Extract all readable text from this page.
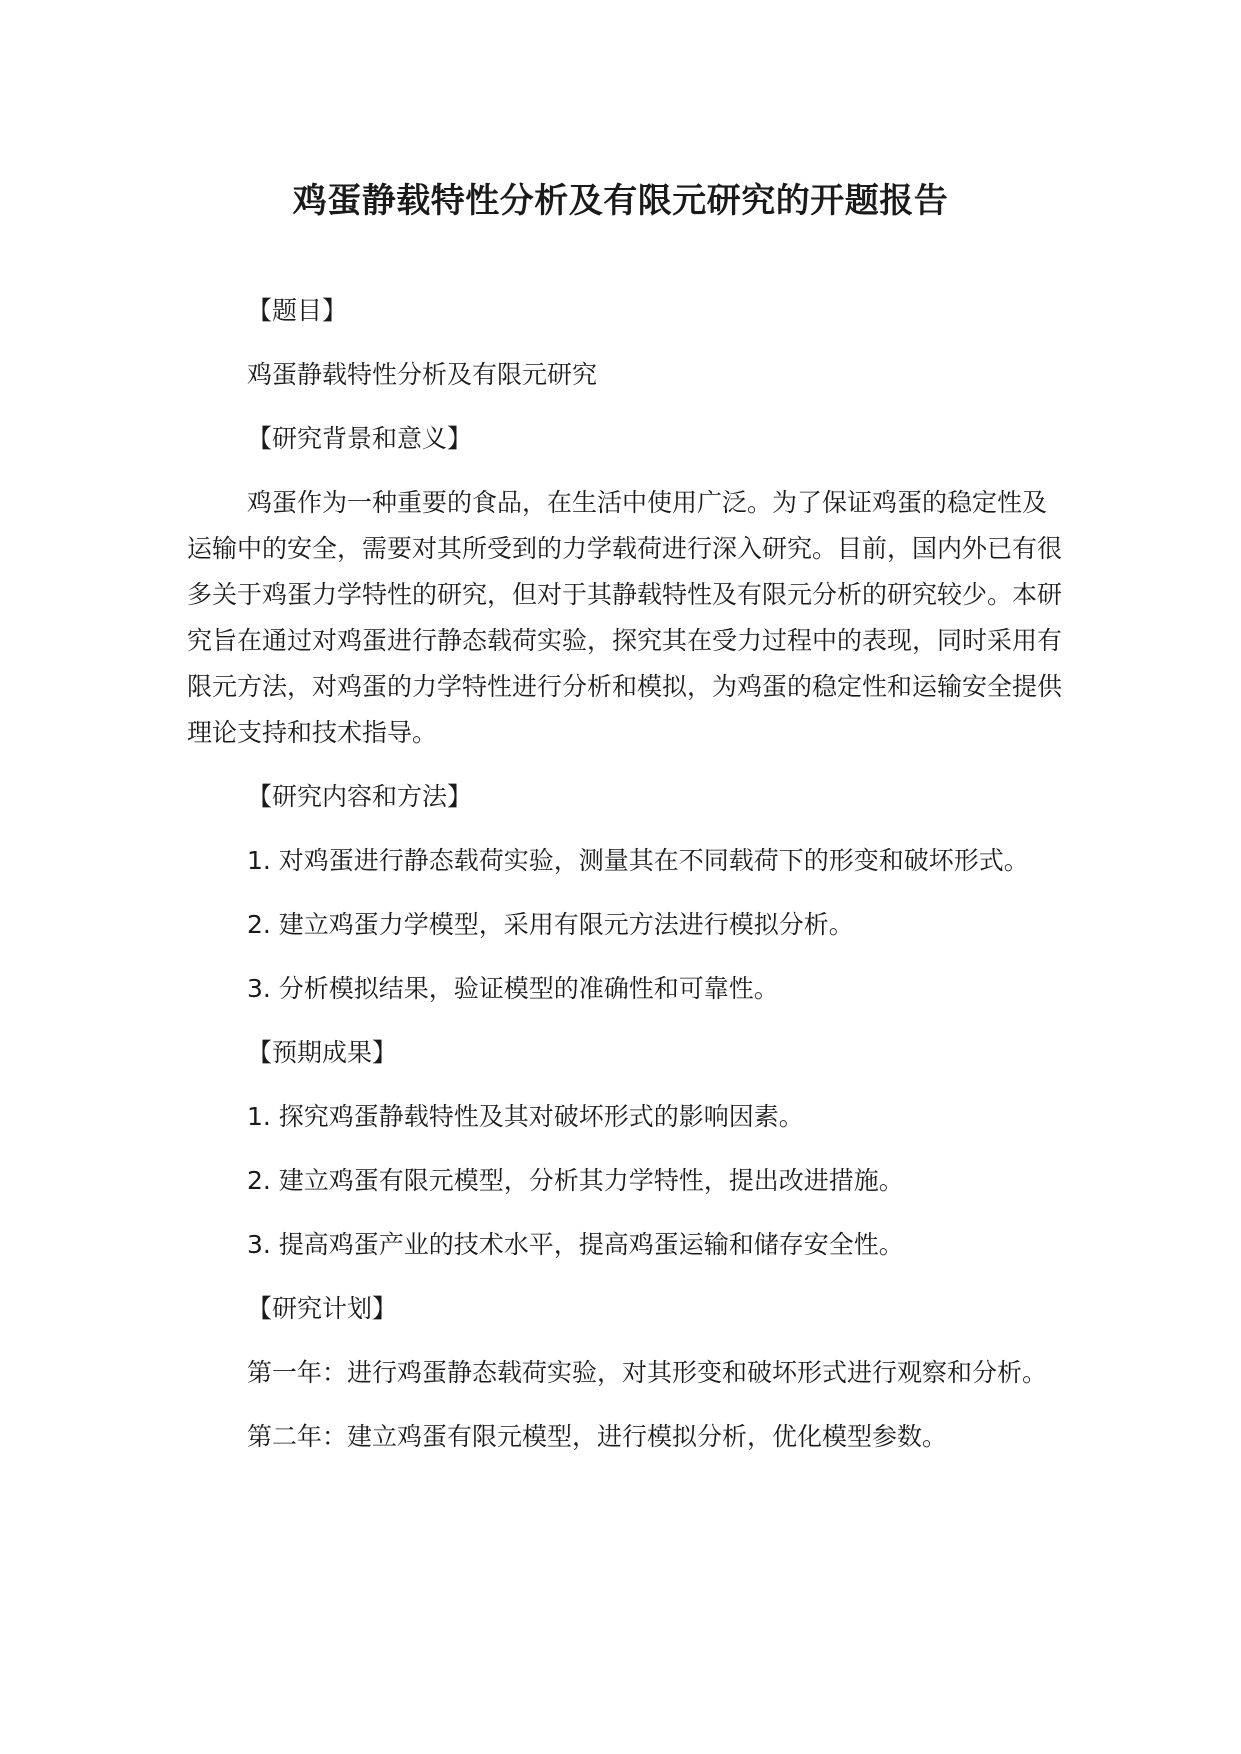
鸡蛋静载特性分析及有限元研究的开题报告

【题目】

鸡蛋静载特性分析及有限元研究

【研究背景和意义】

鸡蛋作为一种重要的食品，在生活中使用广泛。为了保证鸡蛋的稳定性及运输中的安全，需要对其所受到的力学载荷进行深入研究。目前，国内外已有很多关于鸡蛋力学特性的研究，但对于其静载特性及有限元分析的研究较少。本研究旨在通过对鸡蛋进行静态载荷实验，探究其在受力过程中的表现，同时采用有限元方法，对鸡蛋的力学特性进行分析和模拟，为鸡蛋的稳定性和运输安全提供理论支持和技术指导。

【研究内容和方法】

1. 对鸡蛋进行静态载荷实验，测量其在不同载荷下的形变和破坏形式。

2. 建立鸡蛋力学模型，采用有限元方法进行模拟分析。

3. 分析模拟结果，验证模型的准确性和可靠性。

【预期成果】

1. 探究鸡蛋静载特性及其对破坏形式的影响因素。

2. 建立鸡蛋有限元模型，分析其力学特性，提出改进措施。

3. 提高鸡蛋产业的技术水平，提高鸡蛋运输和储存安全性。

【研究计划】

第一年：进行鸡蛋静态载荷实验，对其形变和破坏形式进行观察和分析。

第二年：建立鸡蛋有限元模型，进行模拟分析，优化模型参数。
